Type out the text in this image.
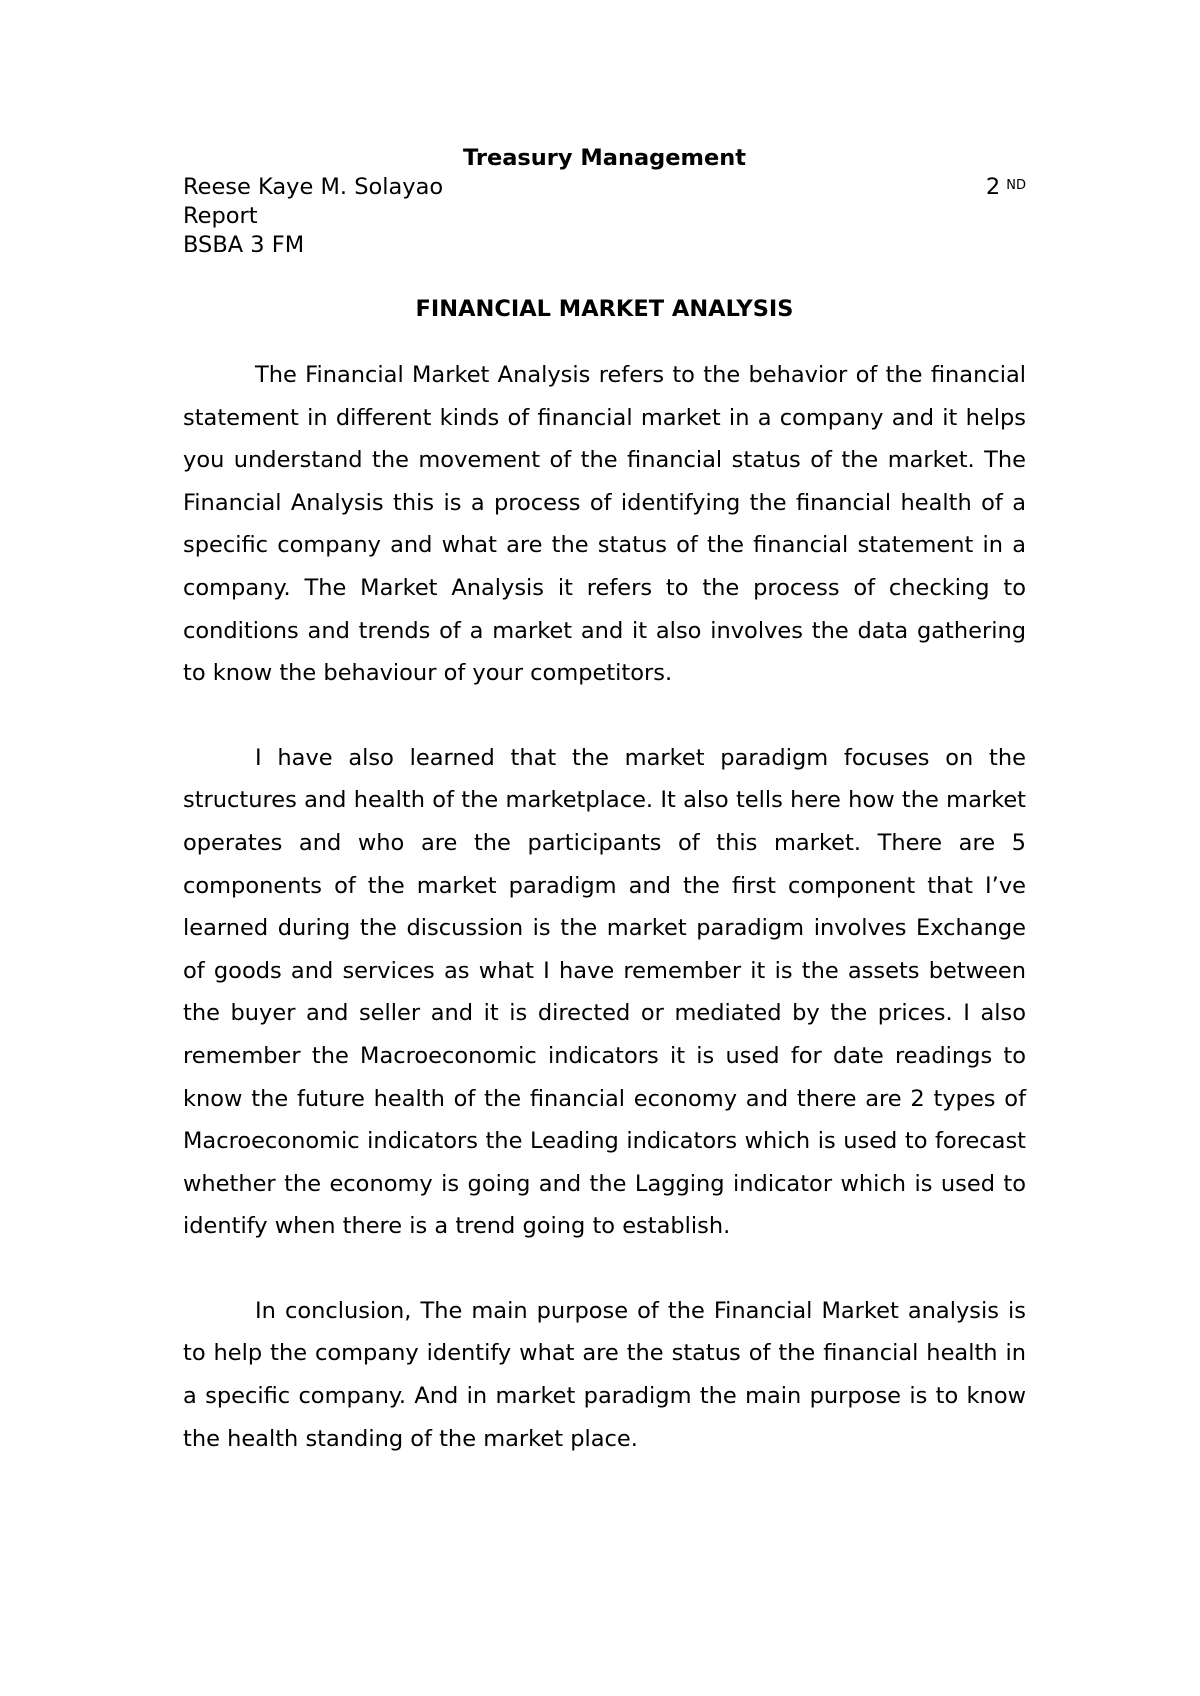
Treasury Management
Reese Kaye M. Solayao
Report
BSBA 3 FM
2 $^{ND}$
FINANCIAL MARKET ANALYSIS

The Financial Market Analysis refers to the behavior of the financial statement in different kinds of financial market in a company and it helps you understand the movement of the financial status of the market. The Financial Analysis this is a process of identifying the financial health of a specific company and what are the status of the financial statement in a company. The Market Analysis it refers to the process of checking to conditions and trends of a market and it also involves the data gathering to know the behaviour of your competitors.

I have also learned that the market paradigm focuses on the structures and health of the marketplace. It also tells here how the market operates and who are the participants of this market. There are 5 components of the market paradigm and the first component that I’ve learned during the discussion is the market paradigm involves Exchange of goods and services as what I have remember it is the assets between the buyer and seller and it is directed or mediated by the prices. I also remember the Macroeconomic indicators it is used for date readings to know the future health of the financial economy and there are 2 types of Macroeconomic indicators the Leading indicators which is used to forecast whether the economy is going and the Lagging indicator which is used to identify when there is a trend going to establish.

In conclusion, The main purpose of the Financial Market analysis is to help the company identify what are the status of the financial health in a specific company. And in market paradigm the main purpose is to know the health standing of the market place.
